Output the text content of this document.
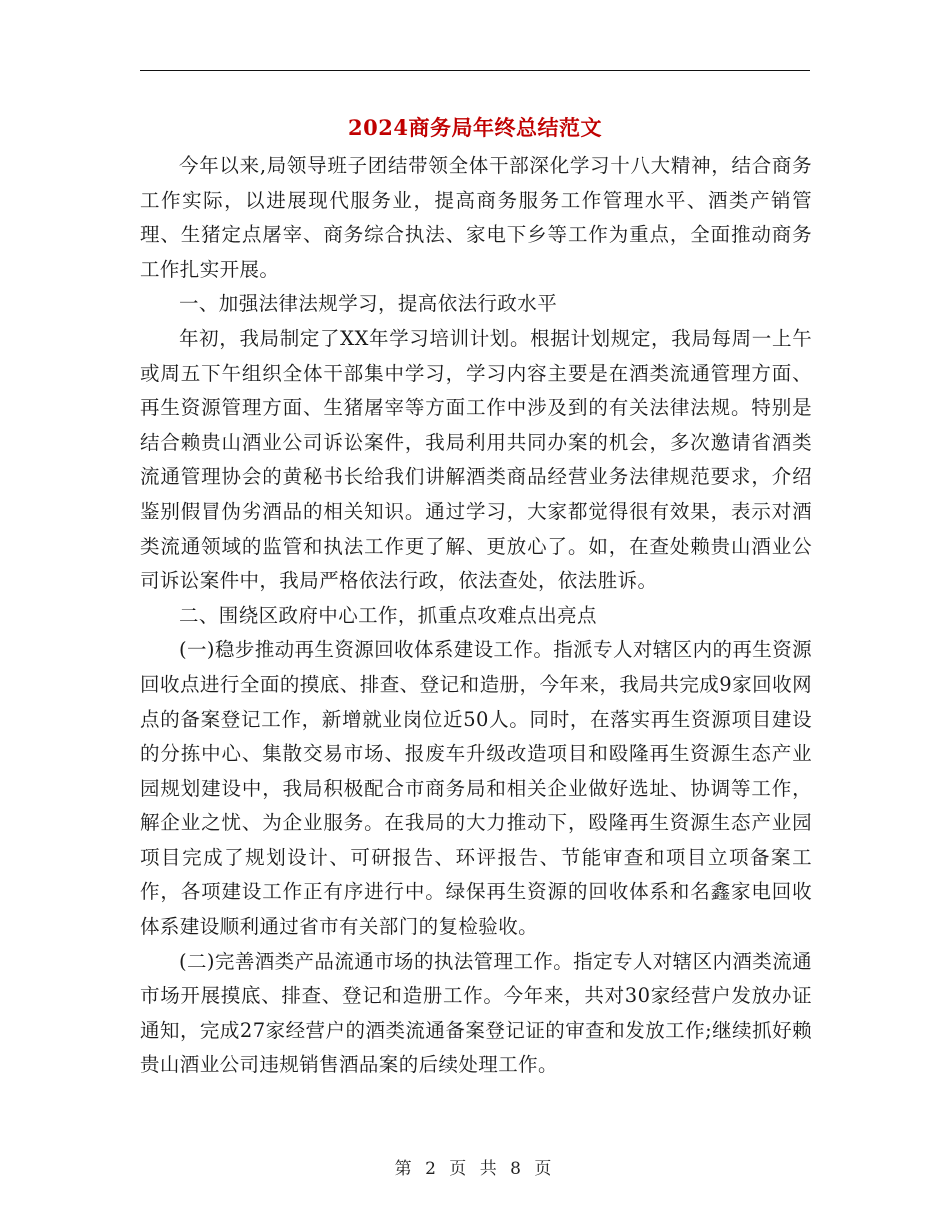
2024商务局年终总结范文

今年以来,局领导班子团结带领全体干部深化学习十八大精神，结合商务工作实际，以进展现代服务业，提高商务服务工作管理水平、酒类产销管理、生猪定点屠宰、商务综合执法、家电下乡等工作为重点，全面推动商务工作扎实开展。

一、加强法律法规学习，提高依法行政水平

年初，我局制定了XX年学习培训计划。根据计划规定，我局每周一上午或周五下午组织全体干部集中学习，学习内容主要是在酒类流通管理方面、再生资源管理方面、生猪屠宰等方面工作中涉及到的有关法律法规。特别是结合赖贵山酒业公司诉讼案件，我局利用共同办案的机会，多次邀请省酒类流通管理协会的黄秘书长给我们讲解酒类商品经营业务法律规范要求，介绍鉴别假冒伪劣酒品的相关知识。通过学习，大家都觉得很有效果，表示对酒类流通领域的监管和执法工作更了解、更放心了。如，在查处赖贵山酒业公司诉讼案件中，我局严格依法行政，依法查处，依法胜诉。

二、围绕区政府中心工作，抓重点攻难点出亮点

(一)稳步推动再生资源回收体系建设工作。指派专人对辖区内的再生资源回收点进行全面的摸底、排查、登记和造册，今年来，我局共完成9家回收网点的备案登记工作，新增就业岗位近50人。同时，在落实再生资源项目建设的分拣中心、集散交易市场、报废车升级改造项目和殴隆再生资源生态产业园规划建设中，我局积极配合市商务局和相关企业做好选址、协调等工作，解企业之忧、为企业服务。在我局的大力推动下，殴隆再生资源生态产业园项目完成了规划设计、可研报告、环评报告、节能审查和项目立项备案工作，各项建设工作正有序进行中。绿保再生资源的回收体系和名鑫家电回收体系建设顺利通过省市有关部门的复检验收。

(二)完善酒类产品流通市场的执法管理工作。指定专人对辖区内酒类流通市场开展摸底、排查、登记和造册工作。今年来，共对30家经营户发放办证通知，完成27家经营户的酒类流通备案登记证的审查和发放工作;继续抓好赖贵山酒业公司违规销售酒品案的后续处理工作。

第 2 页 共 8 页
